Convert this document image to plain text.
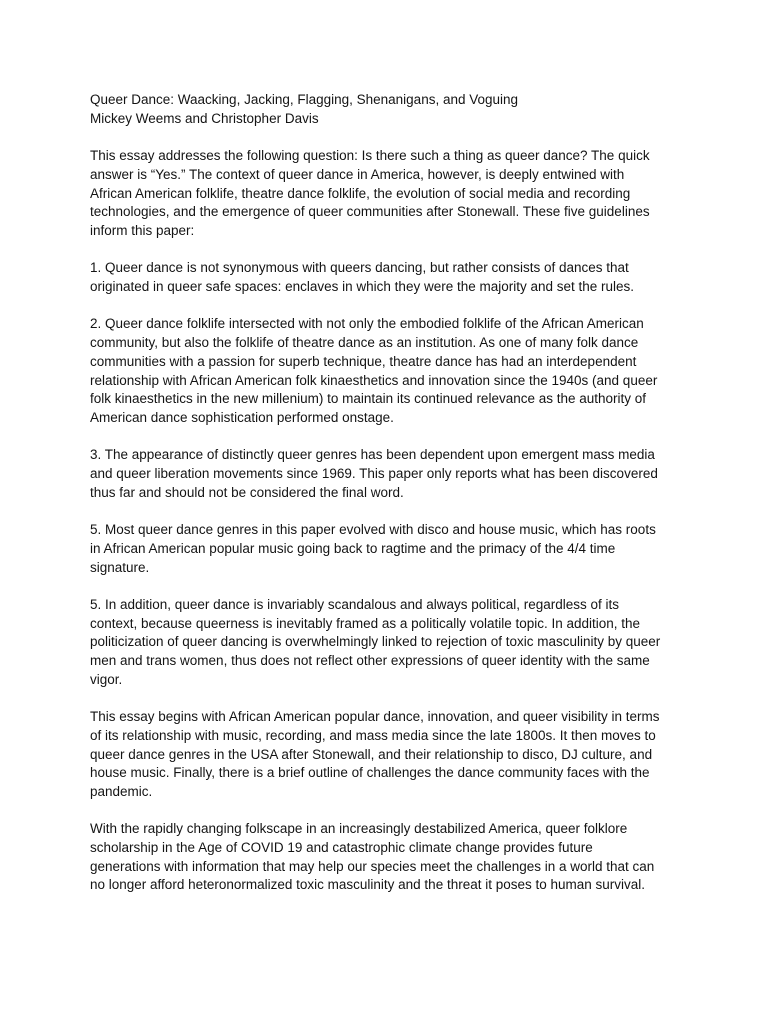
Queer Dance: Waacking, Jacking, Flagging, Shenanigans, and Voguing
Mickey Weems and Christopher Davis

This essay addresses the following question: Is there such a thing as queer dance? The quick
answer is “Yes.” The context of queer dance in America, however, is deeply entwined with
African American folklife, theatre dance folklife, the evolution of social media and recording
technologies, and the emergence of queer communities after Stonewall. These five guidelines
inform this paper:

1. Queer dance is not synonymous with queers dancing, but rather consists of dances that
originated in queer safe spaces: enclaves in which they were the majority and set the rules.

2. Queer dance folklife intersected with not only the embodied folklife of the African American
community, but also the folklife of theatre dance as an institution. As one of many folk dance
communities with a passion for superb technique, theatre dance has had an interdependent
relationship with African American folk kinaesthetics and innovation since the 1940s (and queer
folk kinaesthetics in the new millenium) to maintain its continued relevance as the authority of
American dance sophistication performed onstage.

3. The appearance of distinctly queer genres has been dependent upon emergent mass media
and queer liberation movements since 1969. This paper only reports what has been discovered
thus far and should not be considered the final word.

5. Most queer dance genres in this paper evolved with disco and house music, which has roots
in African American popular music going back to ragtime and the primacy of the 4/4 time
signature.

5. In addition, queer dance is invariably scandalous and always political, regardless of its
context, because queerness is inevitably framed as a politically volatile topic. In addition, the
politicization of queer dancing is overwhelmingly linked to rejection of toxic masculinity by queer
men and trans women, thus does not reflect other expressions of queer identity with the same
vigor.

This essay begins with African American popular dance, innovation, and queer visibility in terms
of its relationship with music, recording, and mass media since the late 1800s. It then moves to
queer dance genres in the USA after Stonewall, and their relationship to disco, DJ culture, and
house music. Finally, there is a brief outline of challenges the dance community faces with the
pandemic.

With the rapidly changing folkscape in an increasingly destabilized America, queer folklore
scholarship in the Age of COVID 19 and catastrophic climate change provides future
generations with information that may help our species meet the challenges in a world that can
no longer afford heteronormalized toxic masculinity and the threat it poses to human survival.
